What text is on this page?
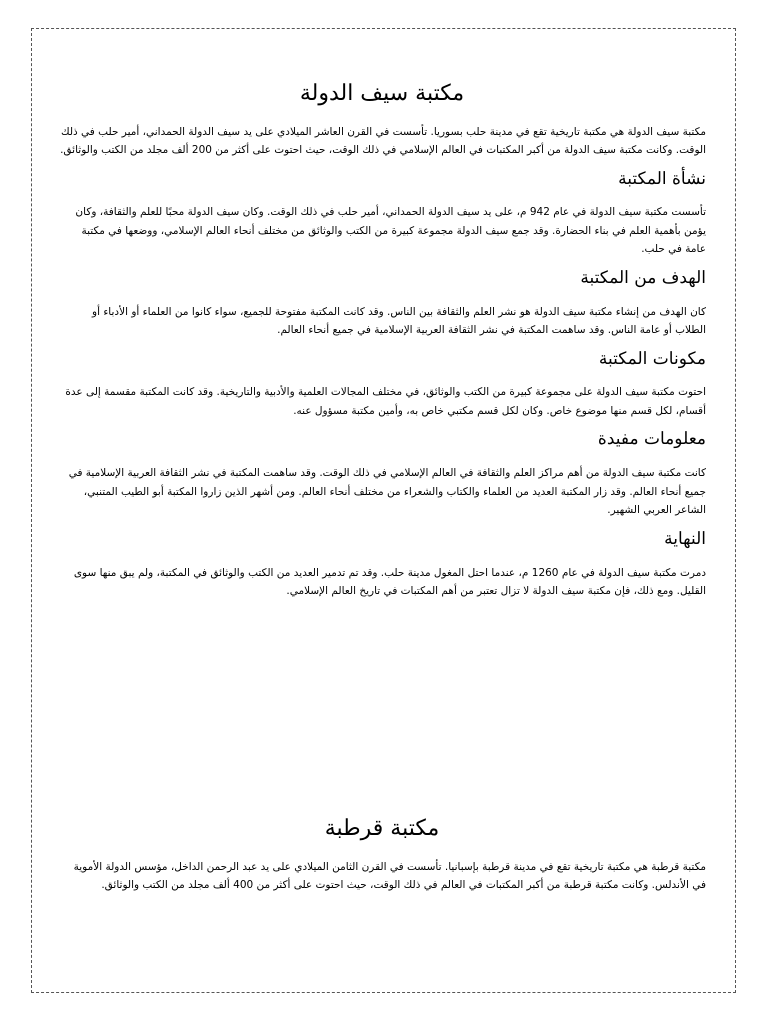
مكتبة سيف الدولة

مكتبة سيف الدولة هي مكتبة تاريخية تقع في مدينة حلب بسوريا. تأسست في القرن العاشر الميلادي على يد سيف الدولة الحمداني، أمير حلب في ذلك الوقت. وكانت مكتبة سيف الدولة من أكبر المكتبات في العالم الإسلامي في ذلك الوقت، حيث احتوت على أكثر من 200 ألف مجلد من الكتب والوثائق.

نشأة المكتبة

تأسست مكتبة سيف الدولة في عام 942 م، على يد سيف الدولة الحمداني، أمير حلب في ذلك الوقت. وكان سيف الدولة محبًا للعلم والثقافة، وكان يؤمن بأهمية العلم في بناء الحضارة. وقد جمع سيف الدولة مجموعة كبيرة من الكتب والوثائق من مختلف أنحاء العالم الإسلامي، ووضعها في مكتبة عامة في حلب.

الهدف من المكتبة

كان الهدف من إنشاء مكتبة سيف الدولة هو نشر العلم والثقافة بين الناس. وقد كانت المكتبة مفتوحة للجميع، سواء كانوا من العلماء أو الأدباء أو الطلاب أو عامة الناس. وقد ساهمت المكتبة في نشر الثقافة العربية الإسلامية في جميع أنحاء العالم.

مكونات المكتبة

احتوت مكتبة سيف الدولة على مجموعة كبيرة من الكتب والوثائق، في مختلف المجالات العلمية والأدبية والتاريخية. وقد كانت المكتبة مقسمة إلى عدة أقسام، لكل قسم منها موضوع خاص. وكان لكل قسم مكتبي خاص به، وأمين مكتبة مسؤول عنه.

معلومات مفيدة

كانت مكتبة سيف الدولة من أهم مراكز العلم والثقافة في العالم الإسلامي في ذلك الوقت. وقد ساهمت المكتبة في نشر الثقافة العربية الإسلامية في جميع أنحاء العالم. وقد زار المكتبة العديد من العلماء والكتاب والشعراء من مختلف أنحاء العالم. ومن أشهر الذين زاروا المكتبة أبو الطيب المتنبي، الشاعر العربي الشهير.

النهاية

دمرت مكتبة سيف الدولة في عام 1260 م، عندما احتل المغول مدينة حلب. وقد تم تدمير العديد من الكتب والوثائق في المكتبة، ولم يبق منها سوى القليل. ومع ذلك، فإن مكتبة سيف الدولة لا تزال تعتبر من أهم المكتبات في تاريخ العالم الإسلامي.

مكتبة قرطبة

مكتبة قرطبة هي مكتبة تاريخية تقع في مدينة قرطبة بإسبانيا. تأسست في القرن الثامن الميلادي على يد عبد الرحمن الداخل، مؤسس الدولة الأموية في الأندلس. وكانت مكتبة قرطبة من أكبر المكتبات في العالم في ذلك الوقت، حيث احتوت على أكثر من 400 ألف مجلد من الكتب والوثائق.
